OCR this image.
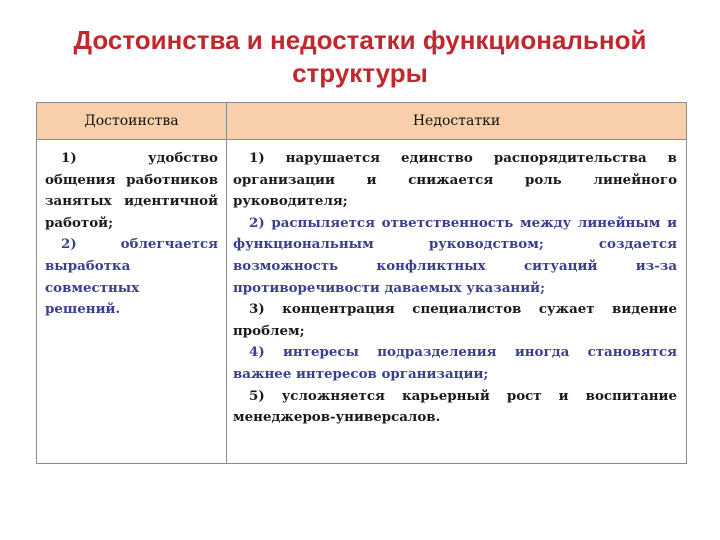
Достоинства и недостатки функциональной структуры
Достоинства	Недостатки

1) удобство общения работников занятых идентичной работой;

2) облегчается выработка совместных решений.

1) нарушается единство распорядительства в организации и снижается роль линейного руководителя;

2) распыляется ответственность между линейным и функциональным руководством; создается возможность конфликтных ситуаций из-за противоречивости даваемых указаний;

3) концентрация специалистов сужает видение проблем;

4) интересы подразделения иногда становятся важнее интересов организации;

5) усложняется карьерный рост и воспитание менеджеров-универсалов.
